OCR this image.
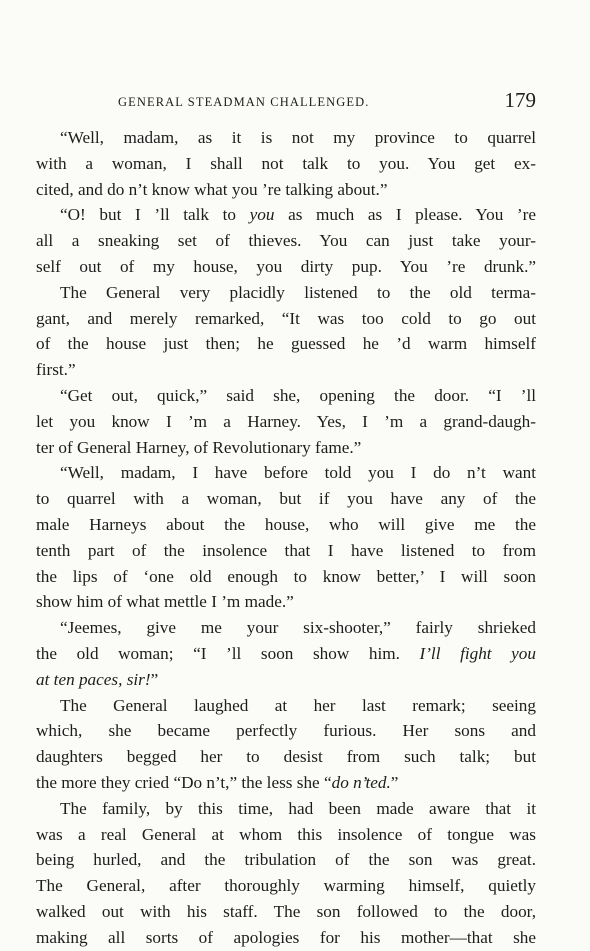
GENERAL STEADMAN CHALLENGED.	179
“Well, madam, as it is not my province to quarrel
with a woman, I shall not talk to you. You get ex-
cited, and do n’t know what you ’re talking about.”
“O! but I ’ll talk to you as much as I please. You ’re
all a sneaking set of thieves. You can just take your-
self out of my house, you dirty pup. You ’re drunk.”
The General very placidly listened to the old terma-
gant, and merely remarked, “It was too cold to go out
of the house just then; he guessed he ’d warm himself
first.”
“Get out, quick,” said she, opening the door. “I ’ll
let you know I ’m a Harney. Yes, I ’m a grand-daugh-
ter of General Harney, of Revolutionary fame.”
“Well, madam, I have before told you I do n’t want
to quarrel with a woman, but if you have any of the
male Harneys about the house, who will give me the
tenth part of the insolence that I have listened to from
the lips of ‘one old enough to know better,’ I will soon
show him of what mettle I ’m made.”
“Jeemes, give me your six-shooter,” fairly shrieked
the old woman; “I ’ll soon show him. I’ll fight you
at ten paces, sir!”
The General laughed at her last remark; seeing
which, she became perfectly furious. Her sons and
daughters begged her to desist from such talk; but
the more they cried “Do n’t,” the less she “do n’ted.”
The family, by this time, had been made aware that it
was a real General at whom this insolence of tongue was
being hurled, and the tribulation of the son was great.
The General, after thoroughly warming himself, quietly
walked out with his staff. The son followed to the door,
making all sorts of apologies for his mother—that she
